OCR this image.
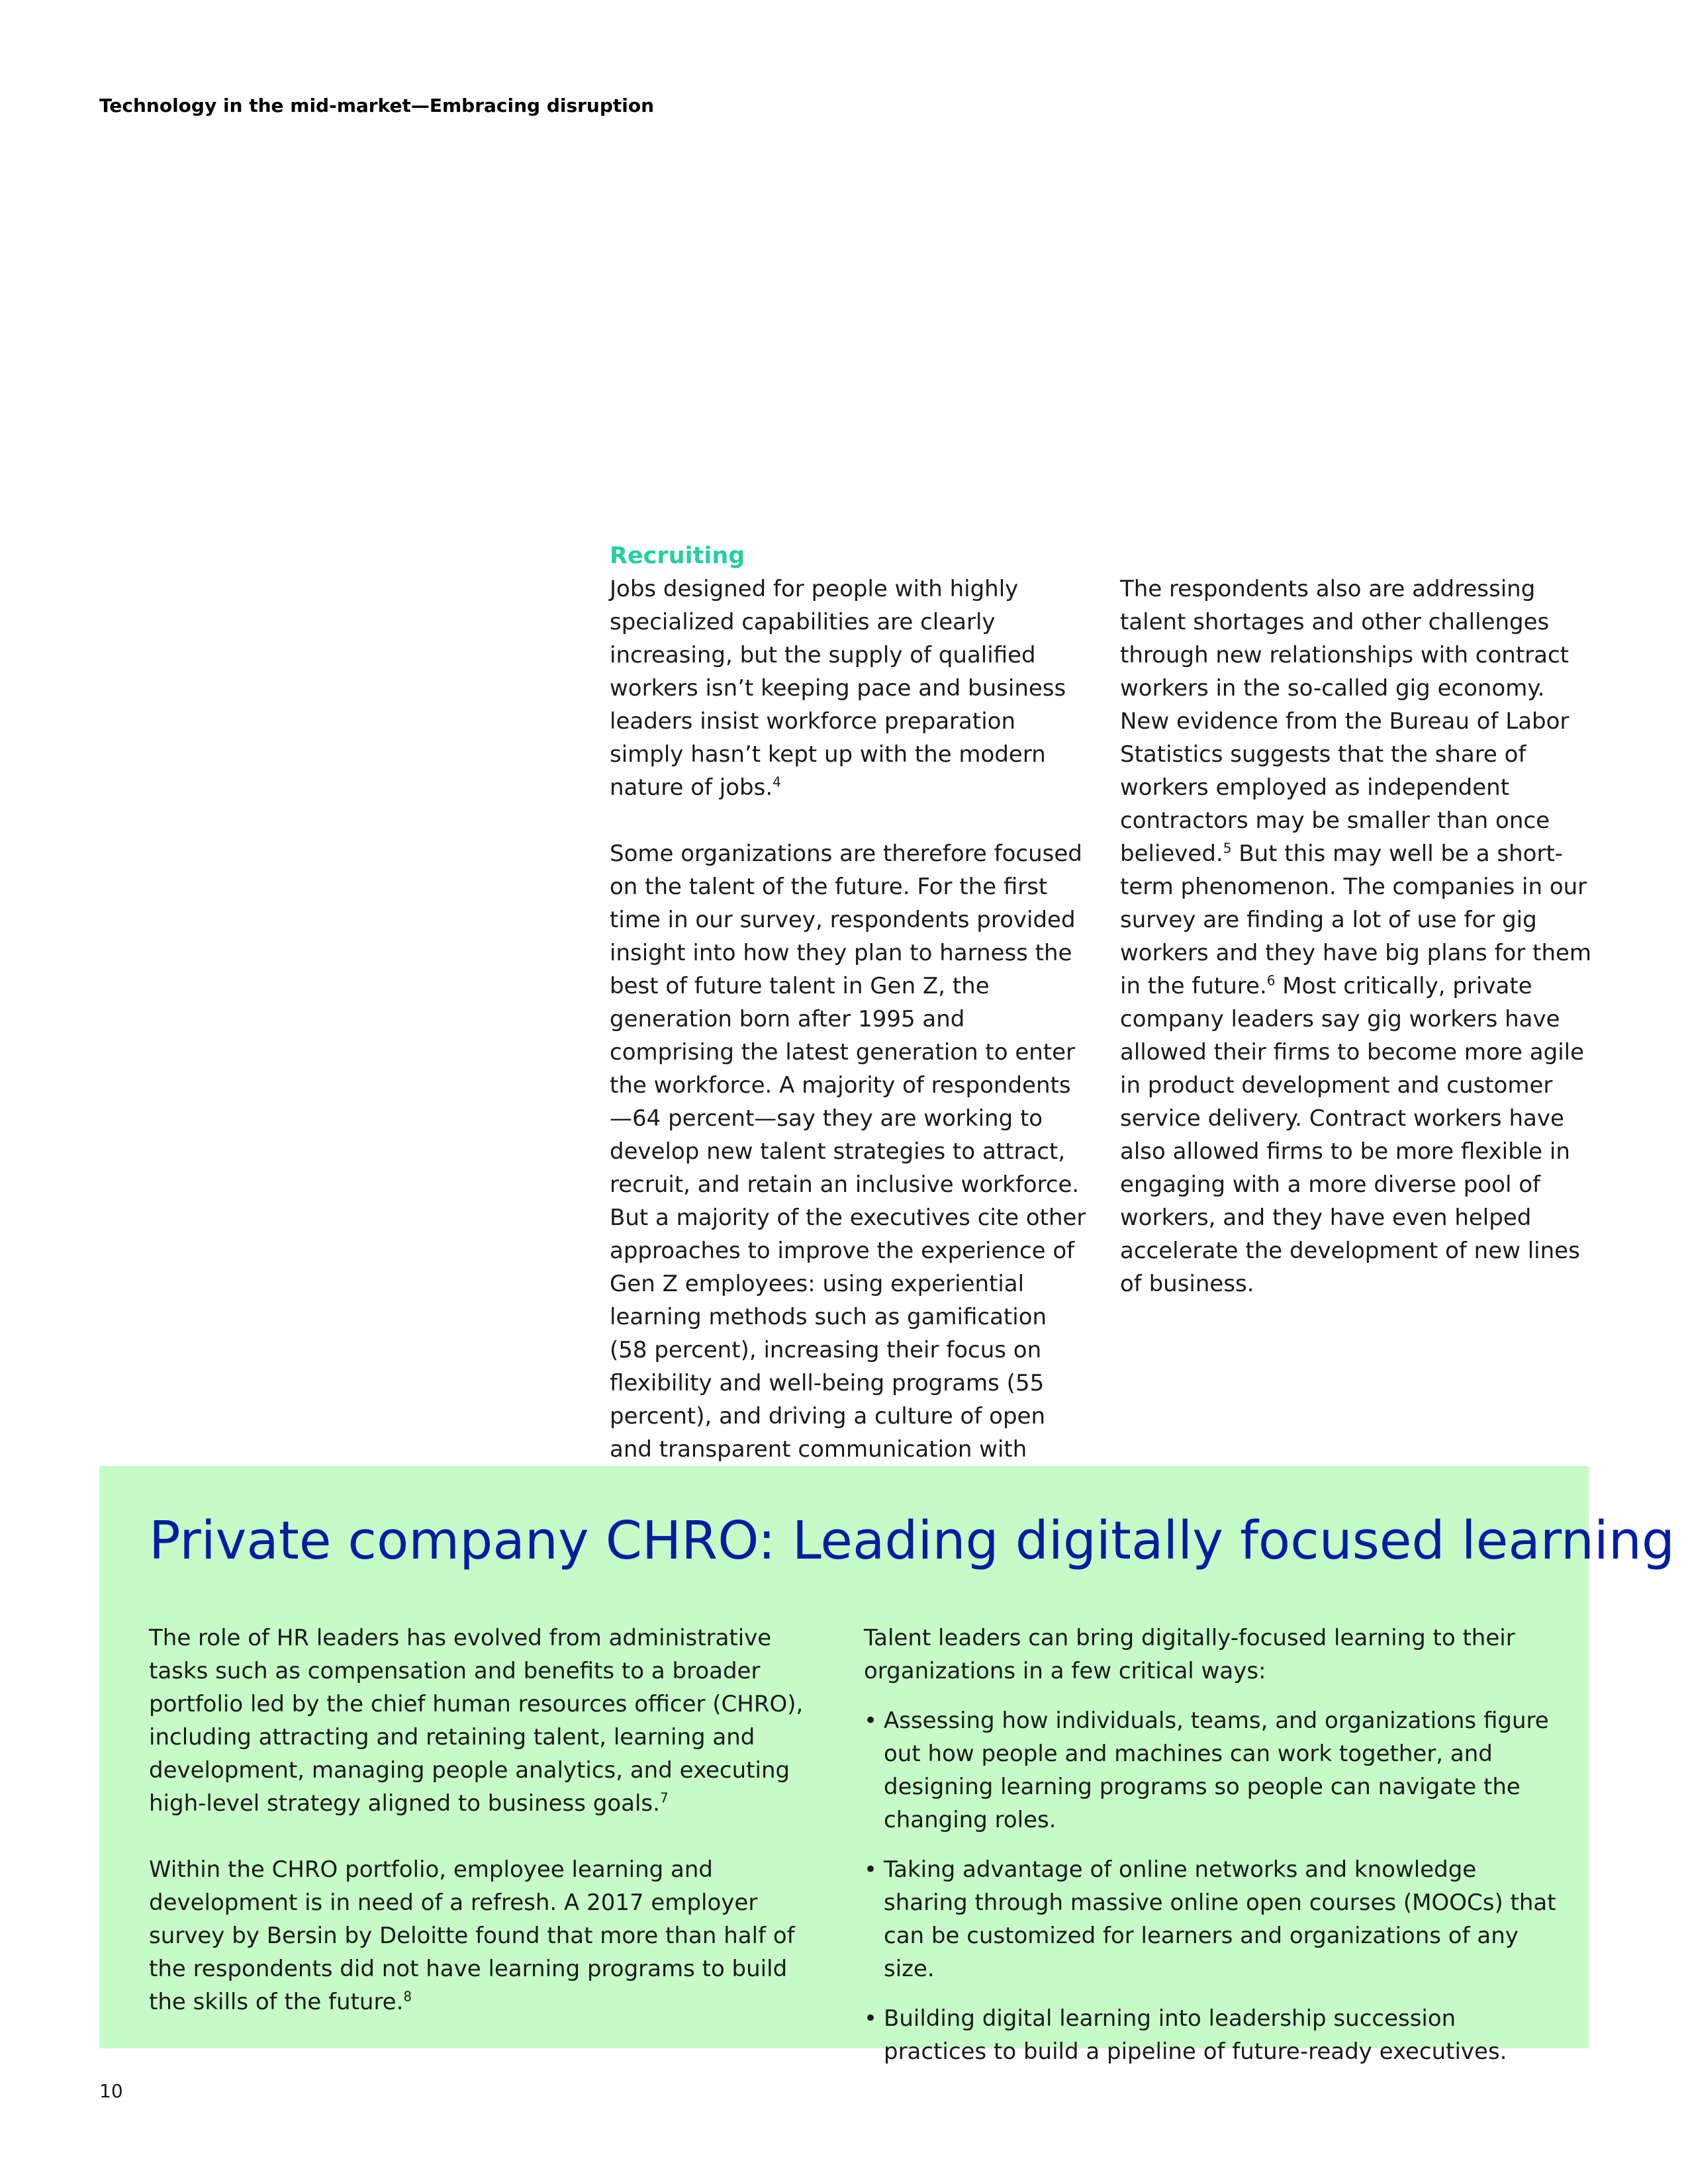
Technology in the mid-market—Embracing disruption
Recruiting

Jobs designed for people with highly specialized capabilities are clearly increasing, but the supply of qualified workers isn’t keeping pace and business leaders insist workforce preparation simply hasn’t kept up with the modern nature of jobs.$^4$

Some organizations are therefore focused on the talent of the future. For the first time in our survey, respondents provided insight into how they plan to harness the best of future talent in Gen Z, the generation born after 1995 and comprising the latest generation to enter the workforce. A majority of respondents—64 percent—say they are working to develop new talent strategies to attract, recruit, and retain an inclusive workforce. But a majority of the executives cite other approaches to improve the experience of Gen Z employees: using experiential learning methods such as gamification (58 percent), increasing their focus on flexibility and well-being programs (55 percent), and driving a culture of open and transparent communication with

The respondents also are addressing talent shortages and other challenges through new relationships with contract workers in the so-called gig economy. New evidence from the Bureau of Labor Statistics suggests that the share of workers employed as independent contractors may be smaller than once believed.$^5$ But this may well be a short-term phenomenon. The companies in our survey are finding a lot of use for gig workers and they have big plans for them in the future.$^6$ Most critically, private company leaders say gig workers have allowed their firms to become more agile in product development and customer service delivery. Contract workers have also allowed firms to be more flexible in engaging with a more diverse pool of workers, and they have even helped accelerate the development of new lines of business.

Private company CHRO: Leading digitally focused learning

The role of HR leaders has evolved from administrative tasks such as compensation and benefits to a broader portfolio led by the chief human resources officer (CHRO), including attracting and retaining talent, learning and development, managing people analytics, and executing high-level strategy aligned to business goals.$^7$

Within the CHRO portfolio, employee learning and development is in need of a refresh. A 2017 employer survey by Bersin by Deloitte found that more than half of the respondents did not have learning programs to build the skills of the future.$^8$

Talent leaders can bring digitally-focused learning to their organizations in a few critical ways:

• Assessing how individuals, teams, and organizations figure out how people and machines can work together, and designing learning programs so people can navigate the changing roles.
• Taking advantage of online networks and knowledge sharing through massive online open courses (MOOCs) that can be customized for learners and organizations of any size.
• Building digital learning into leadership succession practices to build a pipeline of future-ready executives.
10
